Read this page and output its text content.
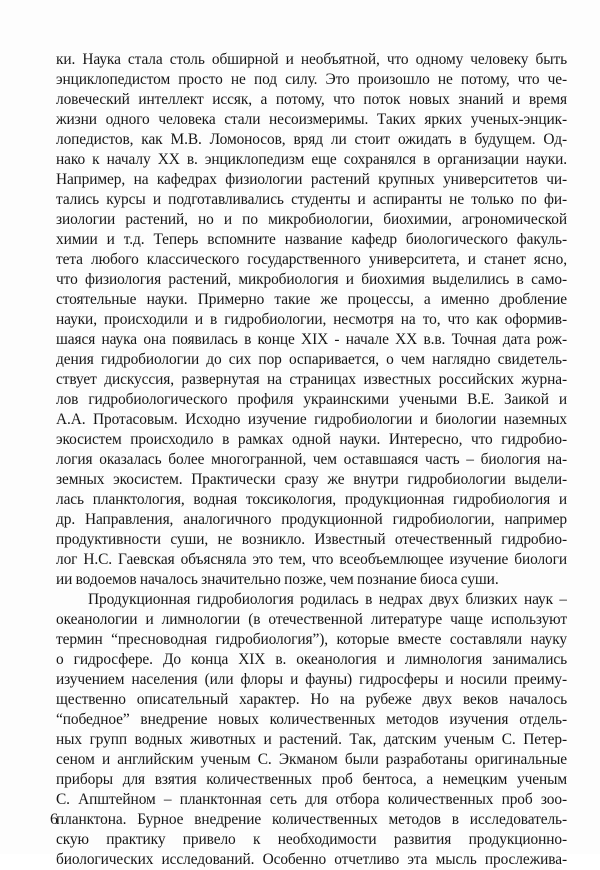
ки. Наука стала столь обширной и необъятной, что одному человеку быть
энциклопедистом просто не под силу. Это произошло не потому, что че-
ловеческий интеллект иссяк, а потому, что поток новых знаний и время
жизни одного человека стали несоизмеримы. Таких ярких ученых-энцик-
лопедистов, как М.В. Ломоносов, вряд ли стоит ожидать в будущем. Од-
нако к началу XX в. энциклопедизм еще сохранялся в организации науки.
Например, на кафедрах физиологии растений крупных университетов чи-
тались курсы и подготавливались студенты и аспиранты не только по фи-
зиологии растений, но и по микробиологии, биохимии, агрономической
химии и т.д. Теперь вспомните название кафедр биологического факуль-
тета любого классического государственного университета, и станет ясно,
что физиология растений, микробиология и биохимия выделились в само-
стоятельные науки. Примерно такие же процессы, а именно дробление
науки, происходили и в гидробиологии, несмотря на то, что как оформив-
шаяся наука она появилась в конце XIX - начале XX в.в. Точная дата рож-
дения гидробиологии до сих пор оспаривается, о чем наглядно свидетель-
ствует дискуссия, развернутая на страницах известных российских журна-
лов гидробиологического профиля украинскими учеными В.Е. Заикой и
А.А. Протасовым. Исходно изучение гидробиологии и биологии наземных
экосистем происходило в рамках одной науки. Интересно, что гидробио-
логия оказалась более многогранной, чем оставшаяся часть – биология на-
земных экосистем. Практически сразу же внутри гидробиологии выдели-
лась планктология, водная токсикология, продукционная гидробиология и
др. Направления, аналогичного продукционной гидробиологии, например
продуктивности суши, не возникло. Известный отечественный гидробио-
лог Н.С. Гаевская объясняла это тем, что всеобъемлющее изучение биологи
ии водоемов началось значительно позже, чем познание биоса суши.
Продукционная гидробиология родилась в недрах двух близких наук –
океанологии и лимнологии (в отечественной литературе чаще используют
термин “пресноводная гидробиология”), которые вместе составляли науку
о гидросфере. До конца XIX в. океанология и лимнология занимались
изучением населения (или флоры и фауны) гидросферы и носили преиму-
щественно описательный характер. Но на рубеже двух веков началось
“победное” внедрение новых количественных методов изучения отдель-
ных групп водных животных и растений. Так, датским ученым С. Петер-
сеном и английским ученым С. Экманом были разработаны оригинальные
приборы для взятия количественных проб бентоса, а немецким ученым
С. Апштейном – планктонная сеть для отбора количественных проб зоо-
планктона. Бурное внедрение количественных методов в исследователь-
скую практику привело к необходимости развития продукционно-
биологических исследований. Особенно отчетливо эта мысль прослежива-
6
